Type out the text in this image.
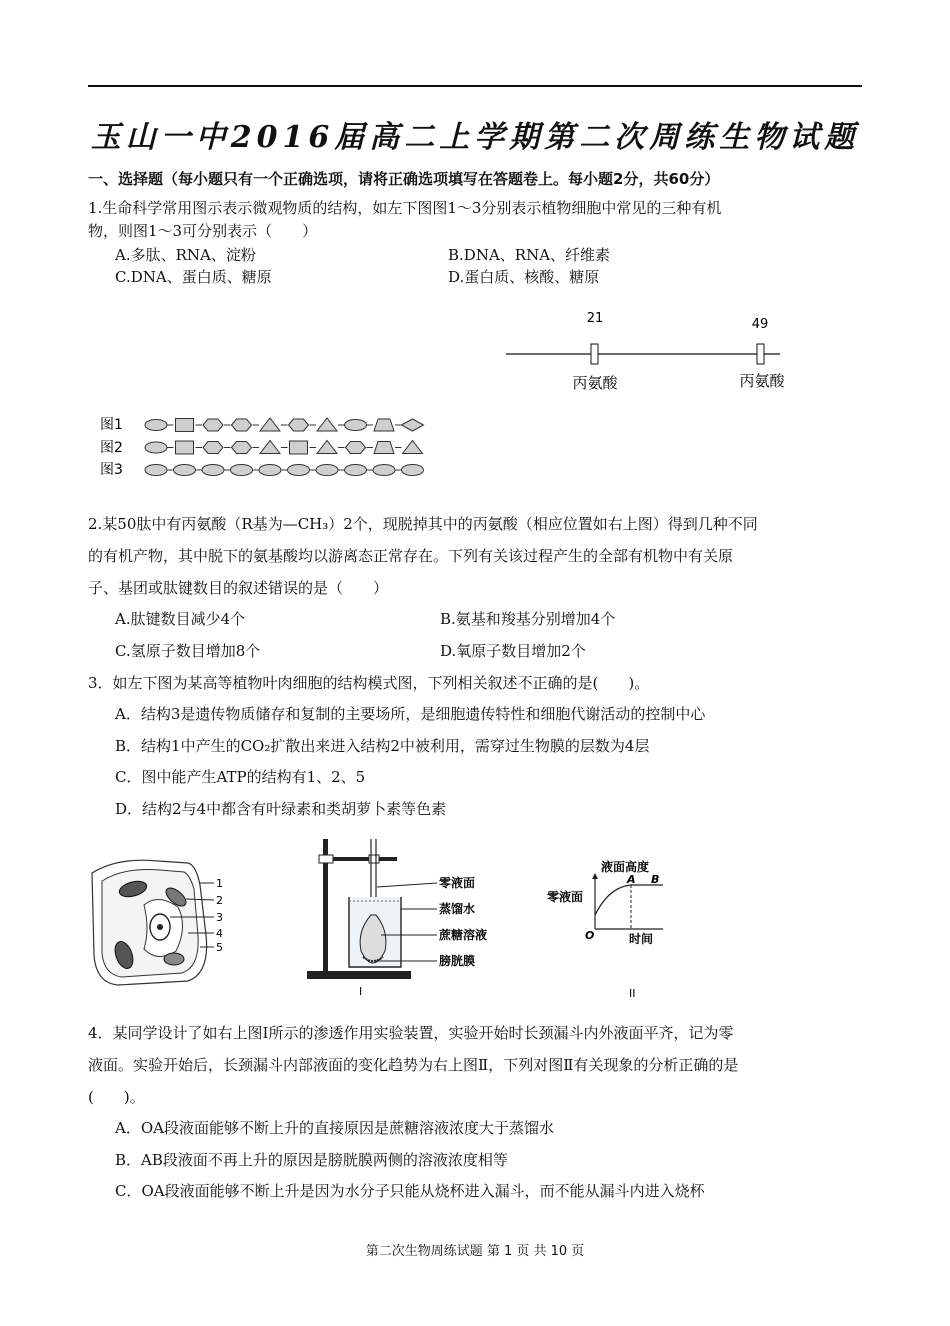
玉山一中2016届高二上学期第二次周练生物试题
一、选择题（每小题只有一个正确选项，请将正确选项填写在答题卷上。每小题2分，共60分）
1.生命科学常用图示表示微观物质的结构，如左下图图1～3分别表示植物细胞中常见的三种有机
物，则图1～3可分别表示（　　）
A.多肽、RNA、淀粉	B.DNA、RNA、纤维素
C.DNA、蛋白质、糖原	D.蛋白质、核酸、糖原
21	49
丙氨酸	丙氨酸
图1
图2
图3
2.某50肽中有丙氨酸（R基为—CH₃）2个，现脱掉其中的丙氨酸（相应位置如右上图）得到几种不同
的有机产物，其中脱下的氨基酸均以游离态正常存在。下列有关该过程产生的全部有机物中有关原
子、基团或肽键数目的叙述错误的是（　　）
A.肽键数目减少4个	B.氨基和羧基分别增加4个
C.氢原子数目增加8个	D.氧原子数目增加2个
3．如左下图为某高等植物叶肉细胞的结构模式图，下列相关叙述不正确的是(　　)。
A．结构3是遗传物质储存和复制的主要场所，是细胞遗传特性和细胞代谢活动的控制中心
B．结构1中产生的CO₂扩散出来进入结构2中被利用，需穿过生物膜的层数为4层
C．图中能产生ATP的结构有1、2、5
D．结构2与4中都含有叶绿素和类胡萝卜素等色素
1
2
3
4
5
I
零液面
蒸馏水
蔗糖溶液
膀胱膜
液面高度
零液面
A B
O	时间
II
4．某同学设计了如右上图Ⅰ所示的渗透作用实验装置，实验开始时长颈漏斗内外液面平齐，记为零
液面。实验开始后，长颈漏斗内部液面的变化趋势为右上图Ⅱ，下列对图Ⅱ有关现象的分析正确的是
(　　)。
A．OA段液面能够不断上升的直接原因是蔗糖溶液浓度大于蒸馏水
B．AB段液面不再上升的原因是膀胱膜两侧的溶液浓度相等
C．OA段液面能够不断上升是因为水分子只能从烧杯进入漏斗，而不能从漏斗内进入烧杯
第二次生物周练试题 第 1 页 共 10 页
